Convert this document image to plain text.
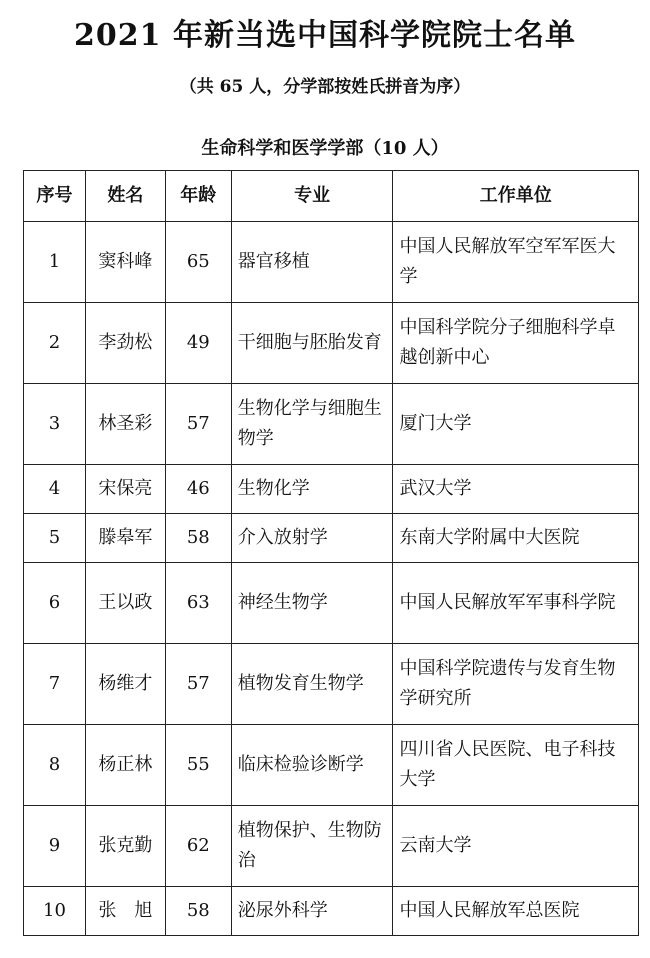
2021 年新当选中国科学院院士名单
（共 65 人，分学部按姓氏拼音为序）
生命科学和医学学部（10 人）
序号	姓名	年龄	专业	工作单位
1	窦科峰	65	器官移植	中国人民解放军空军军医大学
2	李劲松	49	干细胞与胚胎发育	中国科学院分子细胞科学卓越创新中心
3	林圣彩	57	生物化学与细胞生物学	厦门大学
4	宋保亮	46	生物化学	武汉大学
5	滕皋军	58	介入放射学	东南大学附属中大医院
6	王以政	63	神经生物学	中国人民解放军军事科学院
7	杨维才	57	植物发育生物学	中国科学院遗传与发育生物学研究所
8	杨正林	55	临床检验诊断学	四川省人民医院、电子科技大学
9	张克勤	62	植物保护、生物防治	云南大学
10	张　旭	58	泌尿外科学	中国人民解放军总医院
